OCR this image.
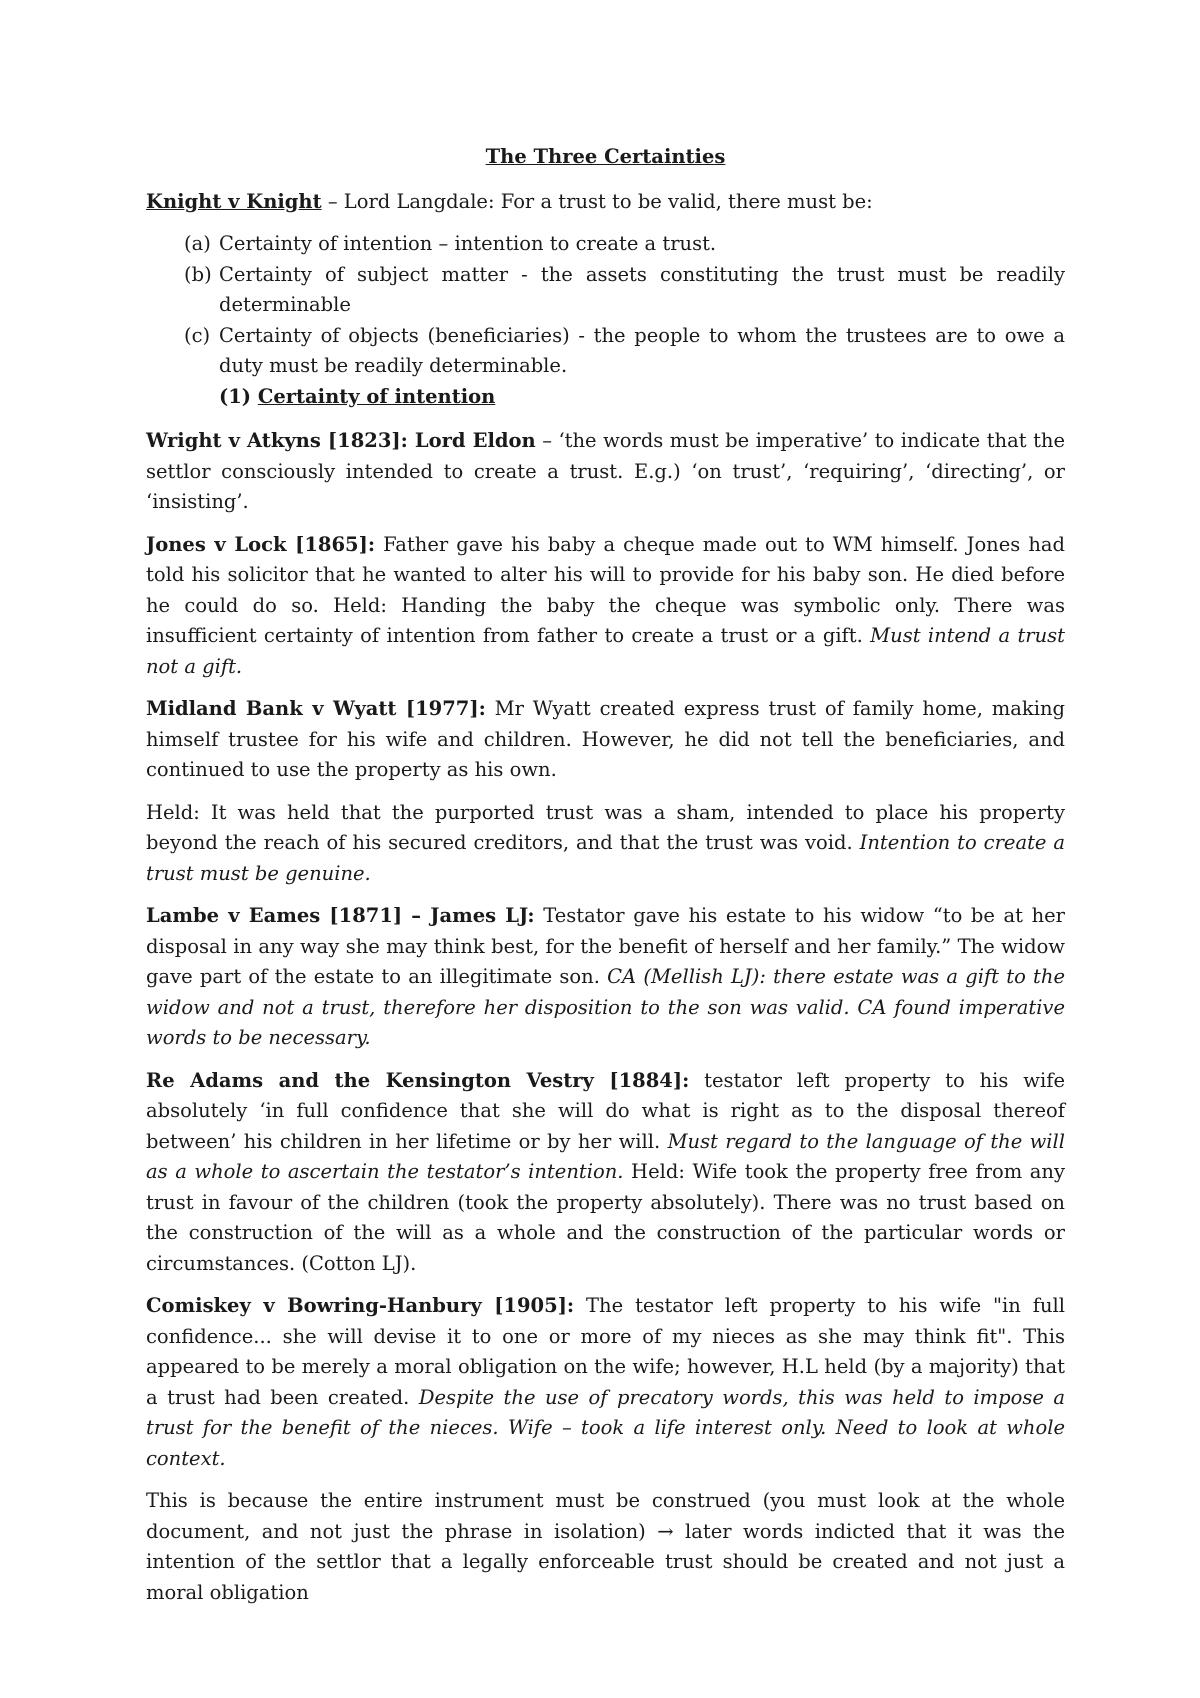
The Three Certainties

Knight v Knight – Lord Langdale: For a trust to be valid, there must be:

(a) Certainty of intention – intention to create a trust.
(b) Certainty of subject matter - the assets constituting the trust must be readily determinable
(c) Certainty of objects (beneficiaries) - the people to whom the trustees are to owe a duty must be readily determinable.
(1) Certainty of intention

Wright v Atkyns [1823]: Lord Eldon – ‘the words must be imperative’ to indicate that the settlor consciously intended to create a trust. E.g.) ‘on trust’, ‘requiring’, ‘directing’, or ‘insisting’.

Jones v Lock [1865]: Father gave his baby a cheque made out to WM himself. Jones had told his solicitor that he wanted to alter his will to provide for his baby son. He died before he could do so. Held: Handing the baby the cheque was symbolic only. There was insufficient certainty of intention from father to create a trust or a gift. Must intend a trust not a gift.

Midland Bank v Wyatt [1977]: Mr Wyatt created express trust of family home, making himself trustee for his wife and children. However, he did not tell the beneficiaries, and continued to use the property as his own.

Held: It was held that the purported trust was a sham, intended to place his property beyond the reach of his secured creditors, and that the trust was void. Intention to create a trust must be genuine.

Lambe v Eames [1871] – James LJ: Testator gave his estate to his widow “to be at her disposal in any way she may think best, for the benefit of herself and her family.” The widow gave part of the estate to an illegitimate son. CA (Mellish LJ): there estate was a gift to the widow and not a trust, therefore her disposition to the son was valid. CA found imperative words to be necessary.

Re Adams and the Kensington Vestry [1884]: testator left property to his wife absolutely ‘in full confidence that she will do what is right as to the disposal thereof between’ his children in her lifetime or by her will. Must regard to the language of the will as a whole to ascertain the testator’s intention. Held: Wife took the property free from any trust in favour of the children (took the property absolutely). There was no trust based on the construction of the will as a whole and the construction of the particular words or circumstances. (Cotton LJ).

Comiskey v Bowring-Hanbury [1905]: The testator left property to his wife "in full confidence... she will devise it to one or more of my nieces as she may think fit". This appeared to be merely a moral obligation on the wife; however, H.L held (by a majority) that a trust had been created. Despite the use of precatory words, this was held to impose a trust for the benefit of the nieces. Wife – took a life interest only. Need to look at whole context.

This is because the entire instrument must be construed (you must look at the whole document, and not just the phrase in isolation) → later words indicted that it was the intention of the settlor that a legally enforceable trust should be created and not just a moral obligation
